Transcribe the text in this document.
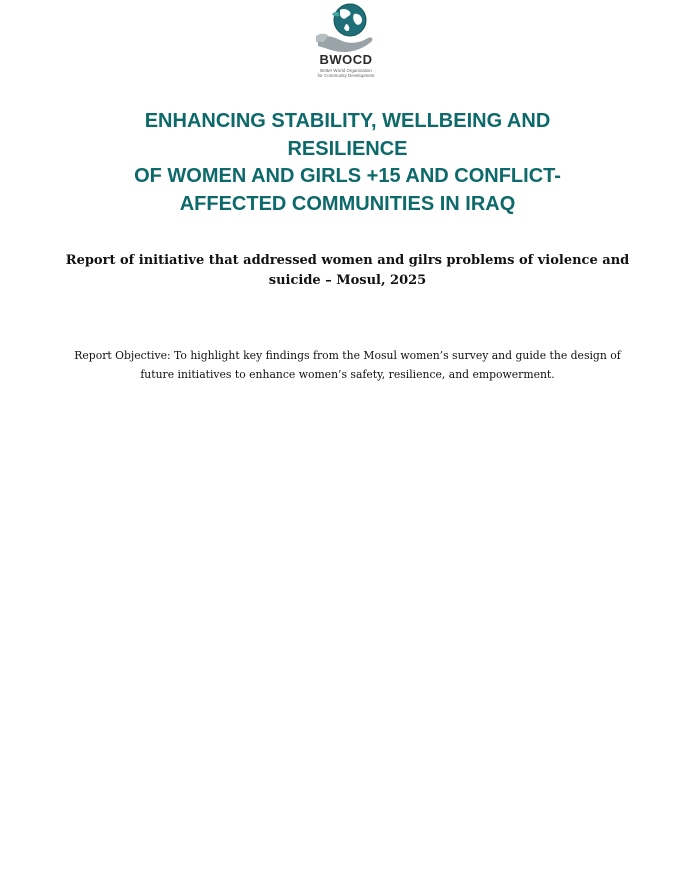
BWOCD
Better World Organization
for Community Development
ENHANCING STABILITY, WELLBEING AND
RESILIENCE
OF WOMEN AND GIRLS +15 AND CONFLICT-
AFFECTED COMMUNITIES IN IRAQ

Report of initiative that addressed women and gilrs problems of violence and suicide – Mosul, 2025

Report Objective: To highlight key findings from the Mosul women’s survey and guide the design of future initiatives to enhance women’s safety, resilience, and empowerment.
